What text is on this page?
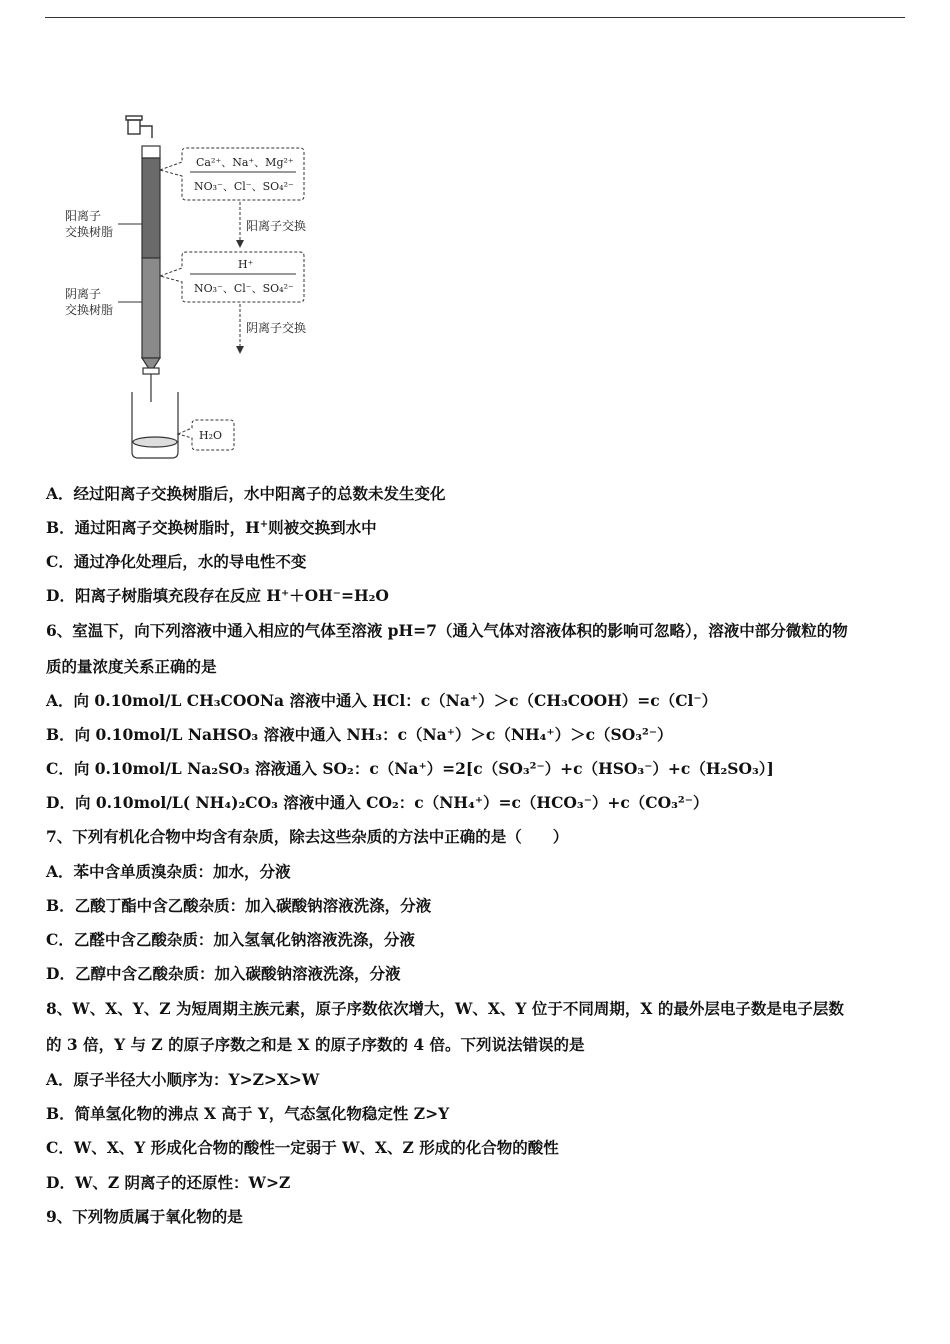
阳离子
交换树脂
阴离子
交换树脂
Ca²⁺、Na⁺、Mg²⁺
NO₃⁻、Cl⁻、SO₄²⁻
阳离子交换
H⁺
NO₃⁻、Cl⁻、SO₄²⁻
阴离子交换
H₂O
A．经过阳离子交换树脂后，水中阳离子的总数未发生变化
B．通过阳离子交换树脂时，H+则被交换到水中
C．通过净化处理后，水的导电性不变
D．阳离子树脂填充段存在反应 H⁺＋OH⁻=H₂O
6、室温下，向下列溶液中通入相应的气体至溶液 pH=7（通入气体对溶液体积的影响可忽略），溶液中部分微粒的物
质的量浓度关系正确的是
A．向 0.10mol/L CH₃COONa 溶液中通入 HCl：c（Na⁺）＞c（CH₃COOH）=c（Cl⁻）
B．向 0.10mol/L NaHSO₃ 溶液中通入 NH₃：c（Na⁺）＞c（NH₄⁺）＞c（SO₃²⁻）
C．向 0.10mol/L Na₂SO₃ 溶液通入 SO₂：c（Na⁺）=2[c（SO₃²⁻）+c（HSO₃⁻）+c（H₂SO₃）]
D．向 0.10mol/L( NH₄)₂CO₃ 溶液中通入 CO₂：c（NH₄⁺）=c（HCO₃⁻）+c（CO₃²⁻）
7、下列有机化合物中均含有杂质，除去这些杂质的方法中正确的是（　　）
A．苯中含单质溴杂质：加水，分液
B．乙酸丁酯中含乙酸杂质：加入碳酸钠溶液洗涤，分液
C．乙醛中含乙酸杂质：加入氢氧化钠溶液洗涤，分液
D．乙醇中含乙酸杂质：加入碳酸钠溶液洗涤，分液
8、W、X、Y、Z 为短周期主族元素，原子序数依次增大，W、X、Y 位于不同周期，X 的最外层电子数是电子层数
的 3 倍，Y 与 Z 的原子序数之和是 X 的原子序数的 4 倍。下列说法错误的是
A．原子半径大小顺序为：Y>Z>X>W
B．简单氢化物的沸点 X 高于 Y，气态氢化物稳定性 Z>Y
C．W、X、Y 形成化合物的酸性一定弱于 W、X、Z 形成的化合物的酸性
D．W、Z 阴离子的还原性：W>Z
9、下列物质属于氧化物的是
